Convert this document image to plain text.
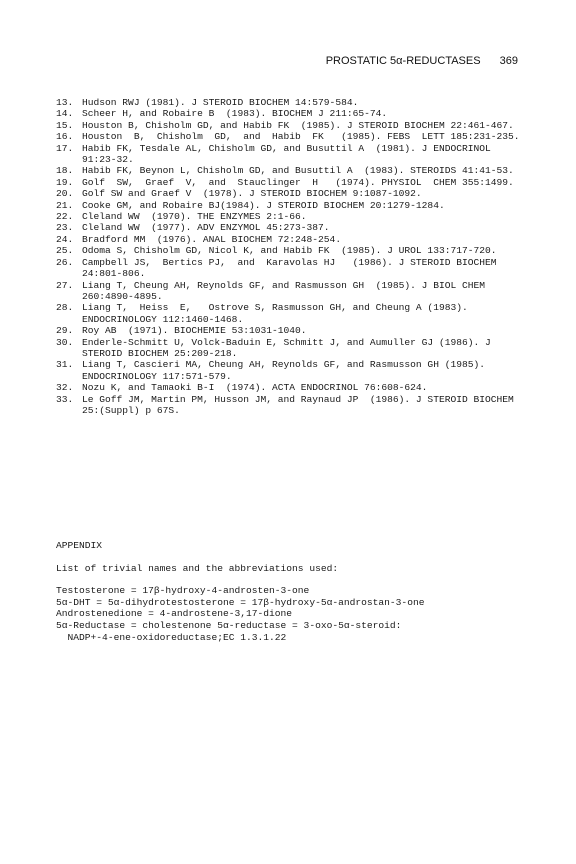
PROSTATIC 5α-REDUCTASES 369
13. Hudson RWJ (1981). J STEROID BIOCHEM 14:579-584.
14. Scheer H, and Robaire B  (1983). BIOCHEM J 211:65-74.
15. Houston B, Chisholm GD, and Habib FK  (1985). J STEROID BIOCHEM 22:461-467.
16. Houston  B,  Chisholm  GD,  and  Habib  FK   (1985). FEBS  LETT 185:231-235.
17. Habib FK, Tesdale AL, Chisholm GD, and Busuttil A  (1981). J ENDOCRINOL  91:23-32.
18. Habib FK, Beynon L, Chisholm GD, and Busuttil A  (1983). STEROIDS 41:41-53.
19. Golf  SW,  Graef  V,  and  Stauclinger  H   (1974). PHYSIOL  CHEM 355:1499.
20. Golf SW and Graef V  (1978). J STEROID BIOCHEM 9:1087-1092.
21. Cooke GM, and Robaire BJ(1984). J STEROID BIOCHEM 20:1279-1284.
22. Cleland WW  (1970). THE ENZYMES 2:1-66.
23. Cleland WW  (1977). ADV ENZYMOL 45:273-387.
24. Bradford MM  (1976). ANAL BIOCHEM 72:248-254.
25. Odoma S, Chisholm GD, Nicol K, and Habib FK  (1985). J UROL 133:717-720.
26. Campbell JS,  Bertics PJ,  and  Karavolas HJ   (1986). J STEROID BIOCHEM 24:801-806.
27. Liang T, Cheung AH, Reynolds GF, and Rasmusson GH  (1985). J BIOL CHEM 260:4890-4895.
28. Liang T,  Heiss  E,   Ostrove S, Rasmusson GH, and Cheung A (1983). ENDOCRINOLOGY 112:1460-1468.
29. Roy AB  (1971). BIOCHEMIE 53:1031-1040.
30. Enderle-Schmitt U, Volck-Baduin E, Schmitt J, and Aumuller GJ (1986). J STEROID BIOCHEM 25:209-218.
31. Liang T, Cascieri MA, Cheung AH, Reynolds GF, and Rasmusson GH (1985). ENDOCRINOLOGY 117:571-579.
32. Nozu K, and Tamaoki B-I  (1974). ACTA ENDOCRINOL 76:608-624.
33. Le Goff JM, Martin PM, Husson JM, and Raynaud JP  (1986). J STEROID BIOCHEM 25:(Suppl) p 67S.
APPENDIX
List of trivial names and the abbreviations used:
Testosterone = 17β-hydroxy-4-androsten-3-one
5α-DHT = 5α-dihydrotestosterone = 17β-hydroxy-5α-androstan-3-one
Androstenedione = 4-androstene-3,17-dione
5α-Reductase = cholestenone 5α-reductase = 3-oxo-5α-steroid:
NADP+-4-ene-oxidoreductase;EC 1.3.1.22
